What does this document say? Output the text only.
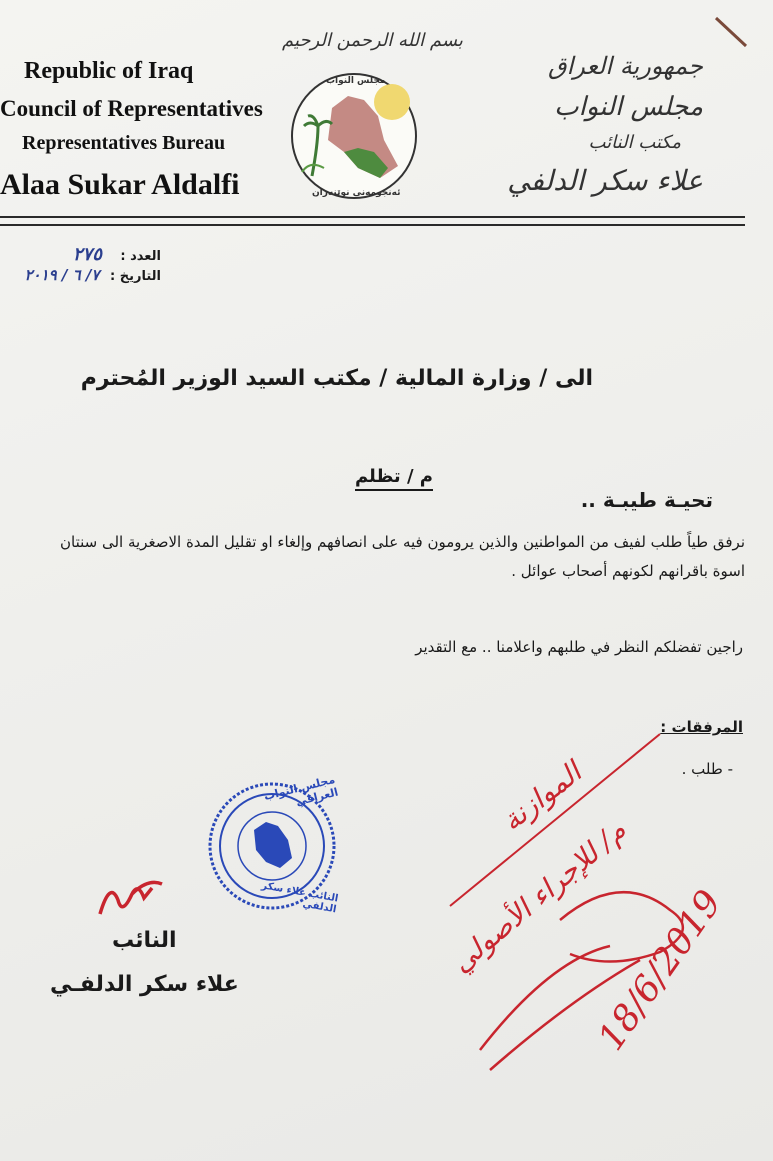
بسم الله الرحمن الرحيم
مجلس النواب
ئەنجومەنی نوێنەران
Republic of Iraq
Council of Representatives
Representatives Bureau
Alaa Sukar Aldalfi
جمهورية العراق
مجلس النواب
مكتب النائب
علاء سكر الدلفي
العدد : ٢٧٥
التاريخ : ٧/ ٦ / ٢٠١٩
الى / وزارة المالية / مكتب السيد الوزير المُحترم
م / تظلم
تحيـة طيبـة ..
نرفق طياً طلب لفيف من المواطنين والذين يرومون فيه على انصافهم وإلغاء او تقليل المدة الاصغرية الى سنتان اسوة باقرانهم لكونهم أصحاب عوائل .
راجين تفضلكم النظر في طلبهم واعلامنا .. مع التقدير
المرفقات :
- طلب .
مجلس النواب العراقي
النائب علاء سكر الدلفي
النائب
علاء سكر الدلفـي
الموازنة
م/ للإجراء الأصولي
18/6/2019
